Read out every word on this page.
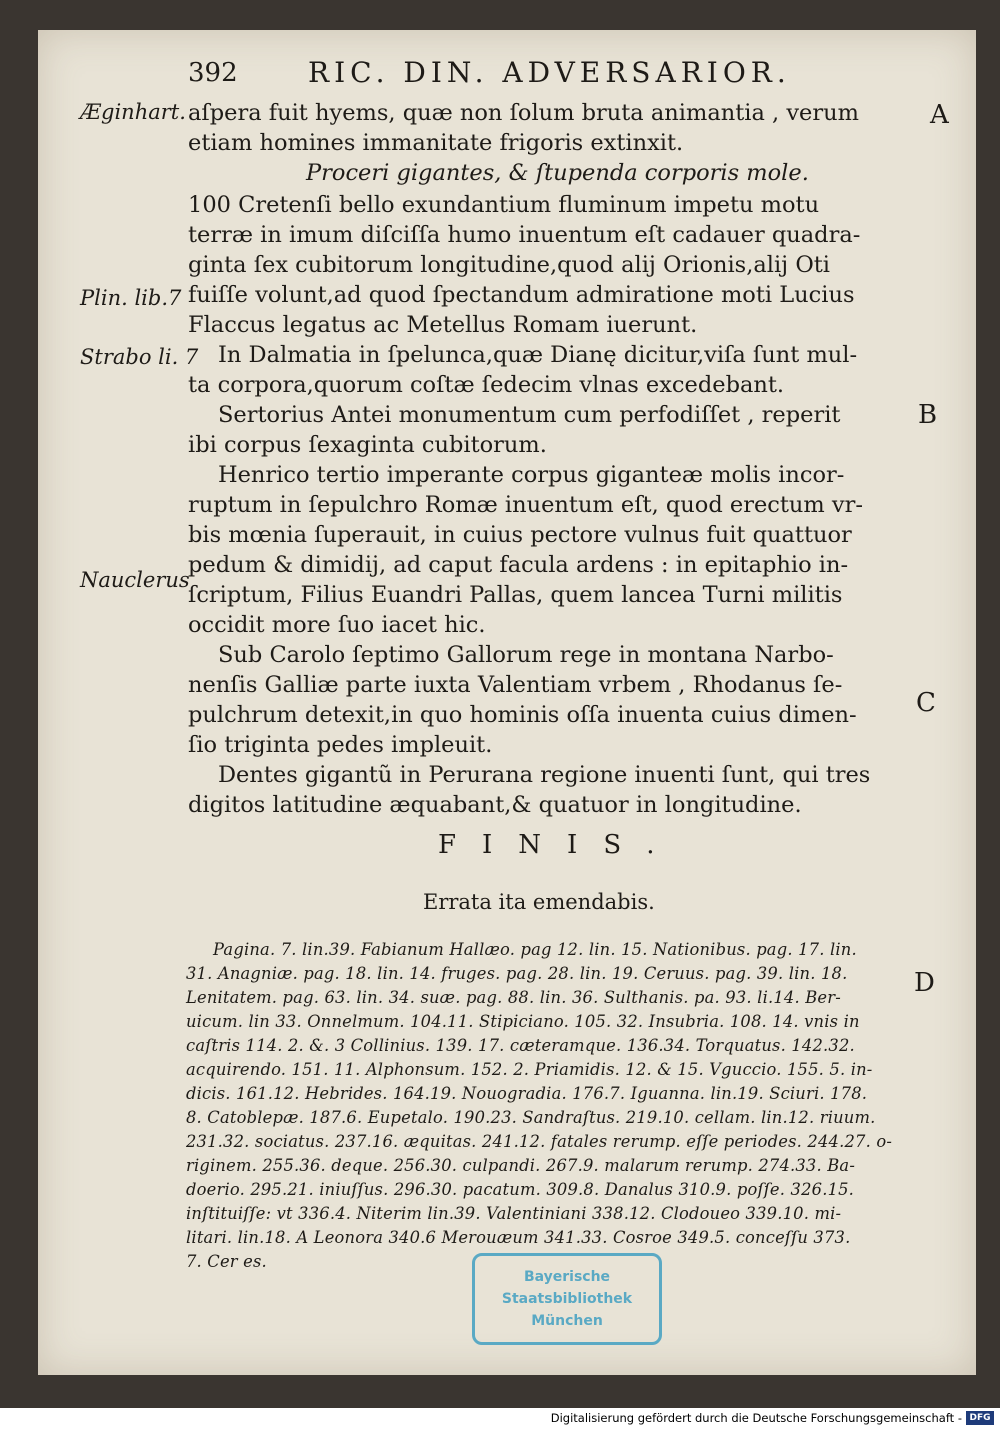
392	RIC. DIN. ADVERSARIOR.
Æginhart.
Plin. lib.7
Strabo li. 7
Nauclerus
A
B
C
D
aſpera fuit hyems, quæ non ſolum bruta animantia , verum
etiam homines immanitate frigoris extinxit.
Proceri gigantes, & ſtupenda corporis mole.
100 Cretenſi bello exundantium fluminum impetu motu
terræ in imum diſciſſa humo inuentum eſt cadauer quadra-
ginta ſex cubitorum longitudine,quod alij Orionis,alij Oti
fuiſſe volunt,ad quod ſpectandum admiratione moti Lucius
Flaccus legatus ac Metellus Romam iuerunt.
In Dalmatia in ſpelunca,quæ Dianę dicitur,viſa ſunt mul-
ta corpora,quorum coſtæ ſedecim vlnas excedebant.
Sertorius Antei monumentum cum perfodiſſet , reperit
ibi corpus ſexaginta cubitorum.
Henrico tertio imperante corpus giganteæ molis incor-
ruptum in ſepulchro Romæ inuentum eſt, quod erectum vr-
bis mœnia ſuperauit, in cuius pectore vulnus fuit quattuor
pedum & dimidij, ad caput facula ardens : in epitaphio in-
ſcriptum, Filius Euandri Pallas, quem lancea Turni militis
occidit more ſuo iacet hic.
Sub Carolo ſeptimo Gallorum rege in montana Narbo-
nenſis Galliæ parte iuxta Valentiam vrbem , Rhodanus ſe-
pulchrum detexit,in quo hominis oſſa inuenta cuius dimen-
ſio triginta pedes impleuit.
Dentes gigantũ in Perurana regione inuenti ſunt, qui tres
digitos latitudine æquabant,& quatuor in longitudine.
FINIS.
Errata ita emendabis.
Pagina. 7. lin.39. Fabianum Hallæo. pag 12. lin. 15. Nationibus. pag. 17. lin.
31. Anagniæ. pag. 18. lin. 14. fruges. pag. 28. lin. 19. Ceruus. pag. 39. lin. 18.
Lenitatem. pag. 63. lin. 34. suæ. pag. 88. lin. 36. Sulthanis. pa. 93. li.14. Ber-
uicum. lin 33. Onnelmum. 104.11. Stipiciano. 105. 32. Insubria. 108. 14. vnis in
caſtris 114. 2. &. 3 Collinius. 139. 17. cæteramque. 136.34. Torquatus. 142.32.
acquirendo. 151. 11. Alphonsum. 152. 2. Priamidis. 12. & 15. Vguccio. 155. 5. in-
dicis. 161.12. Hebrides. 164.19. Nouogradia. 176.7. Iguanna. lin.19. Sciuri. 178.
8. Catoblepæ. 187.6. Eupetalo. 190.23. Sandraſtus. 219.10. cellam. lin.12. riuum.
231.32. sociatus. 237.16. æquitas. 241.12. fatales rerump. eſſe periodes. 244.27. o-
riginem. 255.36. deque. 256.30. culpandi. 267.9. malarum rerump. 274.33. Ba-
doerio. 295.21. iniuſſus. 296.30. pacatum. 309.8. Danalus 310.9. poſſe. 326.15.
inſtituiſſe: vt 336.4. Niterim lin.39. Valentiniani 338.12. Clodoueo 339.10. mi-
litari. lin.18. A Leonora 340.6 Merouæum 341.33. Cosroe 349.5. conceſſu 373.
7. Cer es.
Bayerische
Staatsbibliothek
München
Digitalisierung gefördert durch die Deutsche Forschungsgemeinschaft - DFG
